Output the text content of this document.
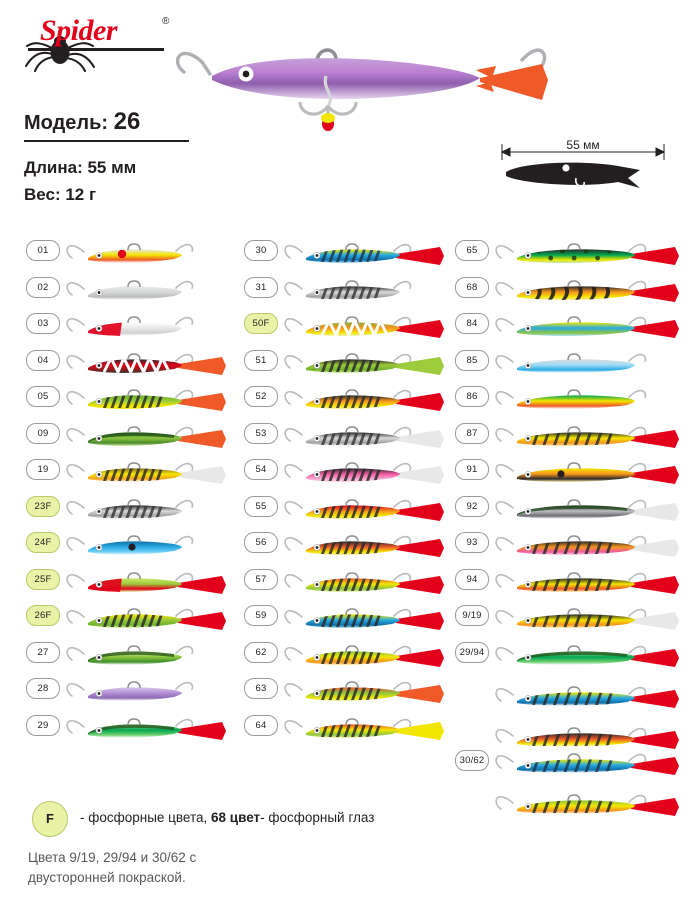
Spider	®
Модель: 26
Длина: 55 мм
Вес: 12 г
55 мм
01
02
03
04
05
09
19
23F
24F
25F
26F
27
28
29
30
31
50F
51
52
53
54
55
56
57
59
62
63
64
65
68
84
85
86
87
91
92
93
94
9/19
29/94
30/62
F	- фосфорные цвета, 68 цвет- фосфорный глаз
Цвета 9/19, 29/94 и 30/62 с
двусторонней покраской.
